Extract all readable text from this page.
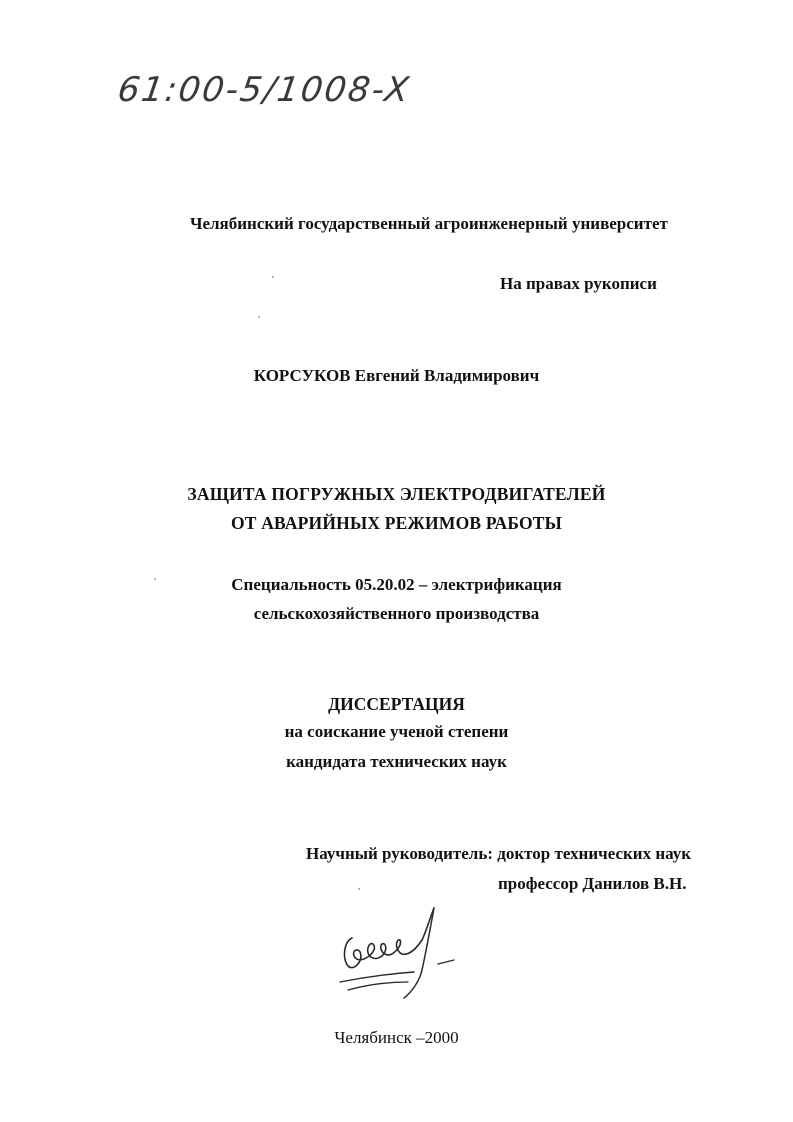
61:00-5/1008-X
Челябинский государственный агроинженерный университет
На правах рукописи
КОРСУКОВ Евгений Владимирович
ЗАЩИТА ПОГРУЖНЫХ ЭЛЕКТРОДВИГАТЕЛЕЙ
ОТ АВАРИЙНЫХ РЕЖИМОВ РАБОТЫ
Специальность 05.20.02 – электрификация
сельскохозяйственного производства
ДИССЕРТАЦИЯ
на соискание ученой степени
кандидата технических наук
Научный руководитель: доктор технических наук
профессор Данилов В.Н.
Челябинск –2000
